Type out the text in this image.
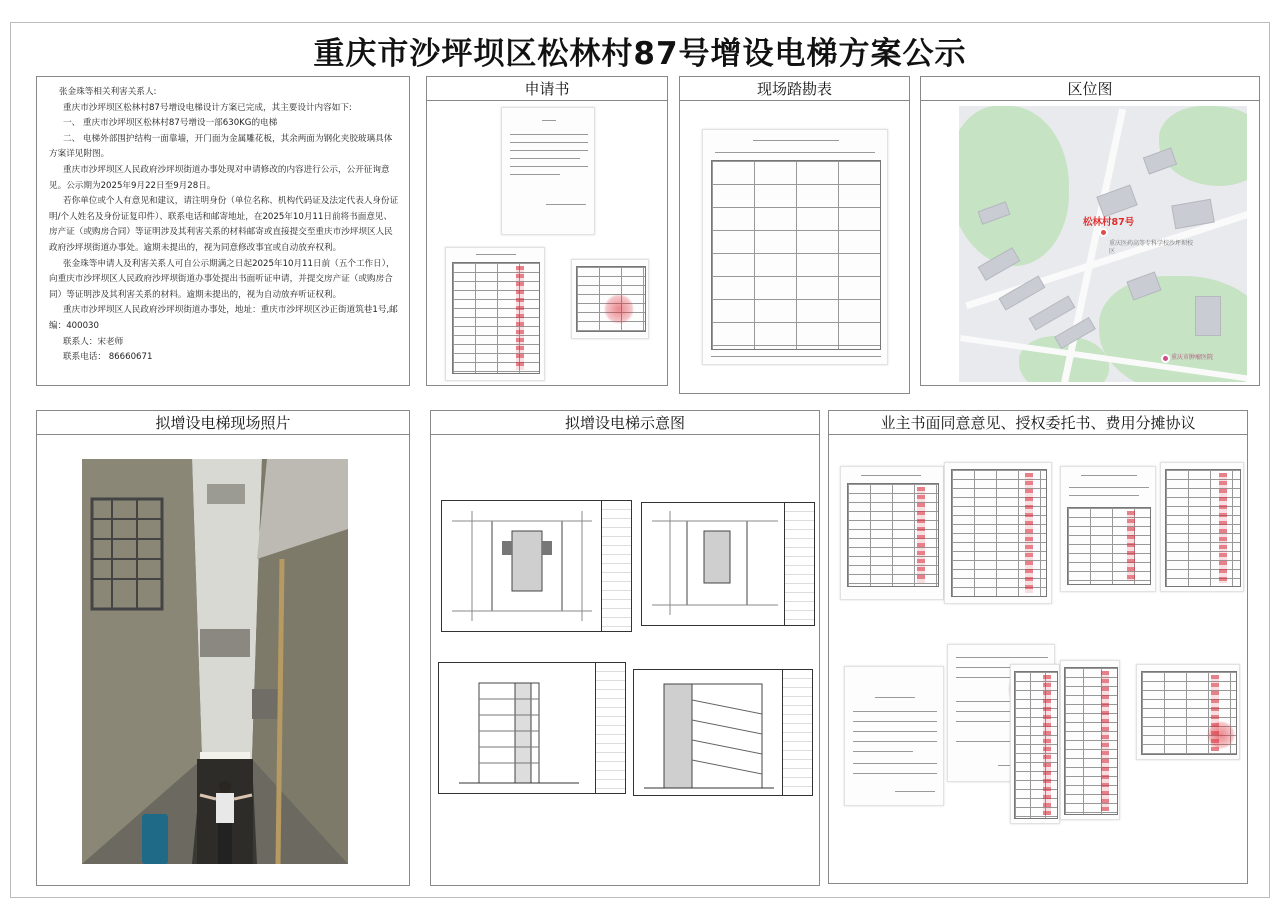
重庆市沙坪坝区松林村87号增设电梯方案公示

张金珠等相关利害关系人:

重庆市沙坪坝区松林村87号增设电梯设计方案已完成，其主要设计内容如下:

一、 重庆市沙坪坝区松林村87号增设一部630KG的电梯

二、 电梯外部围护结构一面靠墙，开门面为金属雕花板，其余两面为钢化夹胶玻璃具体方案详见附图。

重庆市沙坪坝区人民政府沙坪坝街道办事处现对申请修改的内容进行公示，公开征询意见。公示期为2025年9月22日至9月28日。

若你单位或个人有意见和建议，请注明身份（单位名称、机构代码证及法定代表人身份证明/个人姓名及身份证复印件）、联系电话和邮寄地址，在2025年10月11日前将书面意见、房产证（或购房合同）等证明涉及其利害关系的材料邮寄或直接提交至重庆市沙坪坝区人民政府沙坪坝街道办事处。逾期未提出的，视为同意修改事宜或自动放弃权利。

张金珠等申请人及利害关系人可自公示期满之日起2025年10月11日前（五个工作日），向重庆市沙坪坝区人民政府沙坪坝街道办事处提出书面听证申请，并提交房产证（或购房合同）等证明涉及其利害关系的材料。逾期未提出的，视为自动放弃听证权利。

重庆市沙坪坝区人民政府沙坪坝街道办事处，地址：重庆市沙坪坝区沙正街道筑巷1号,邮编：400030

联系人：宋老师

联系电话： 86660671

申请书	现场踏勘表	区位图
松林村87号
重庆医药高等专科学校沙坪坝校区
重庆市肿瘤医院
拟增设电梯现场照片	拟增设电梯示意图	业主书面同意意见、授权委托书、费用分摊协议
